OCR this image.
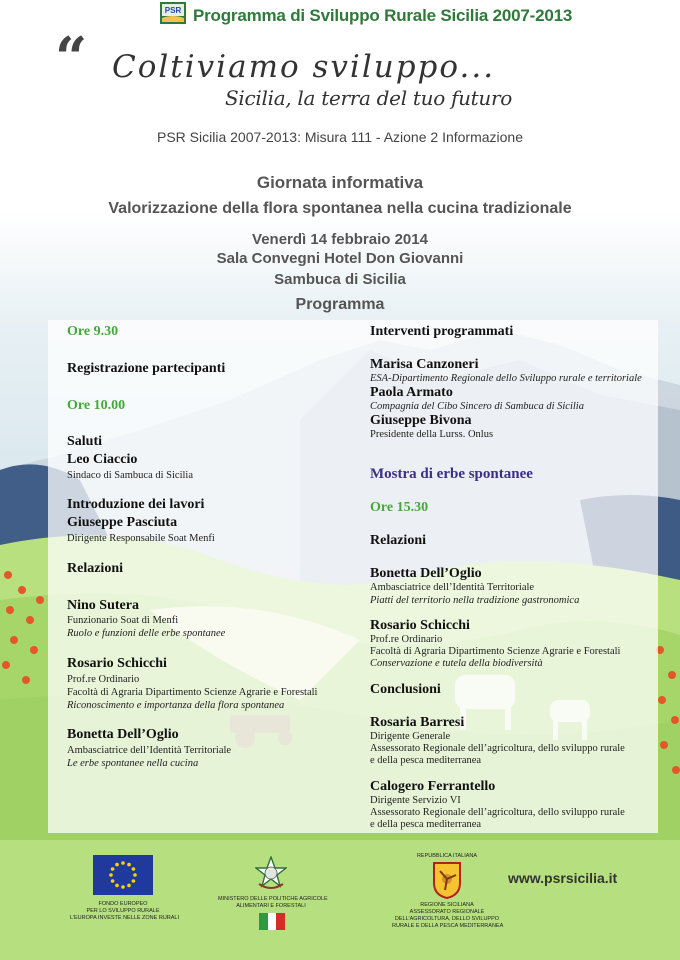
PSR Programma di Sviluppo Rurale Sicilia 2007-2013
“ Coltiviamo sviluppo...
Sicilia, la terra del tuo futuro
PSR Sicilia 2007-2013: Misura 111 - Azione 2 Informazione
Giornata informativa
Valorizzazione della flora spontanea nella cucina tradizionale
Venerdì 14 febbraio 2014
Sala Convegni Hotel Don Giovanni
Sambuca di Sicilia
Programma
Ore 9.30
Registrazione partecipanti
Ore 10.00
Saluti
Leo Ciaccio
Sindaco di Sambuca di Sicilia
Introduzione dei lavori
Giuseppe Pasciuta
Dirigente Responsabile Soat Menfi
Relazioni
Nino Sutera
Funzionario Soat di Menfi
Ruolo e funzioni delle erbe spontanee
Rosario Schicchi
Prof.re Ordinario
Facoltà di Agraria Dipartimento Scienze Agrarie e Forestali
Riconoscimento e importanza della flora spontanea
Bonetta Dell’Oglio
Ambasciatrice dell’Identità Territoriale
Le erbe spontanee nella cucina
Interventi programmati
Marisa Canzoneri
ESA-Dipartimento Regionale dello Sviluppo rurale e territoriale
Paola Armato
Compagnia del Cibo Sincero di Sambuca di Sicilia
Giuseppe Bivona
Presidente della Lurss. Onlus
Mostra di erbe spontanee
Ore 15.30
Relazioni
Bonetta Dell’Oglio
Ambasciatrice dell’Identità Territoriale
Piatti del territorio nella tradizione gastronomica
Rosario Schicchi
Prof.re Ordinario
Facoltà di Agraria Dipartimento Scienze Agrarie e Forestali
Conservazione e tutela della biodiversità
Conclusioni
Rosaria Barresi
Dirigente Generale
Assessorato Regionale dell’agricoltura, dello sviluppo rurale
e della pesca mediterranea
Calogero Ferrantello
Dirigente Servizio VI
Assessorato Regionale dell’agricoltura, dello sviluppo rurale
e della pesca mediterranea
FONDO EUROPEO
PER LO SVILUPPO RURALE
L’EUROPA INVESTE NELLE ZONE RURALI
MINISTERO DELLE POLITICHE AGRICOLE
ALIMENTARI E FORESTALI
REPUBBLICA ITALIANA
REGIONE SICILIANA
ASSESSORATO REGIONALE
DELL’AGRICOLTURA, DELLO SVILUPPO
RURALE E DELLA PESCA MEDITERRANEA
www.psrsicilia.it
